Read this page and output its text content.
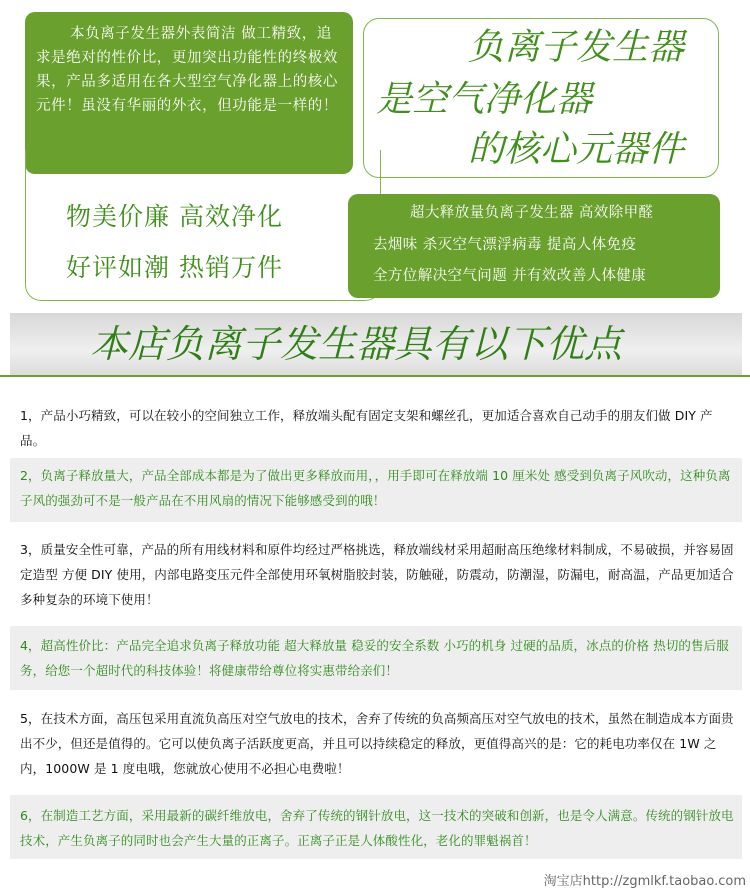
本负离子发生器外表简洁 做工精致，追求是绝对的性价比，更加突出功能性的终极效果，产品多适用在各大型空气净化器上的核心元件！虽没有华丽的外衣，但功能是一样的！
负离子发生器
是空气净化器
的核心元器件
物美价廉 高效净化
好评如潮 热销万件
超大释放量负离子发生器 高效除甲醛
去烟味 杀灭空气漂浮病毒 提高人体免疫
全方位解决空气问题 并有效改善人体健康
本店负离子发生器具有以下优点
1，产品小巧精致，可以在较小的空间独立工作，释放端头配有固定支架和螺丝孔，更加适合喜欢自己动手的朋友们做 DIY 产品。
2，负离子释放量大，产品全部成本都是为了做出更多释放而用，，用手即可在释放端 10 厘米处 感受到负离子风吹动，这种负离子风的强劲可不是一般产品在不用风扇的情况下能够感受到的哦！
3，质量安全性可靠，产品的所有用线材料和原件均经过严格挑选，释放端线材采用超耐高压绝缘材料制成，不易破损，并容易固定造型 方便 DIY 使用，内部电路变压元件全部使用环氧树脂胶封装，防触碰，防震动，防潮湿，防漏电，耐高温，产品更加适合多种复杂的环境下使用！
4，超高性价比：产品完全追求负离子释放功能 超大释放量 稳妥的安全系数 小巧的机身 过硬的品质，冰点的价格 热切的售后服务，给您一个超时代的科技体验！将健康带给尊位将实惠带给亲们！
5，在技术方面，高压包采用直流负高压对空气放电的技术，舍弃了传统的负高频高压对空气放电的技术，虽然在制造成本方面贵出不少，但还是值得的。它可以使负离子活跃度更高，并且可以持续稳定的释放，更值得高兴的是：它的耗电功率仅在 1W 之内，1000W 是 1 度电哦，您就放心使用不必担心电费啦！
6，在制造工艺方面，采用最新的碳纤维放电，舍弃了传统的钢针放电，这一技术的突破和创新，也是令人满意。传统的钢针放电技术，产生负离子的同时也会产生大量的正离子。正离子正是人体酸性化，老化的罪魁祸首！
淘宝店http://zgmlkf.taobao.com
